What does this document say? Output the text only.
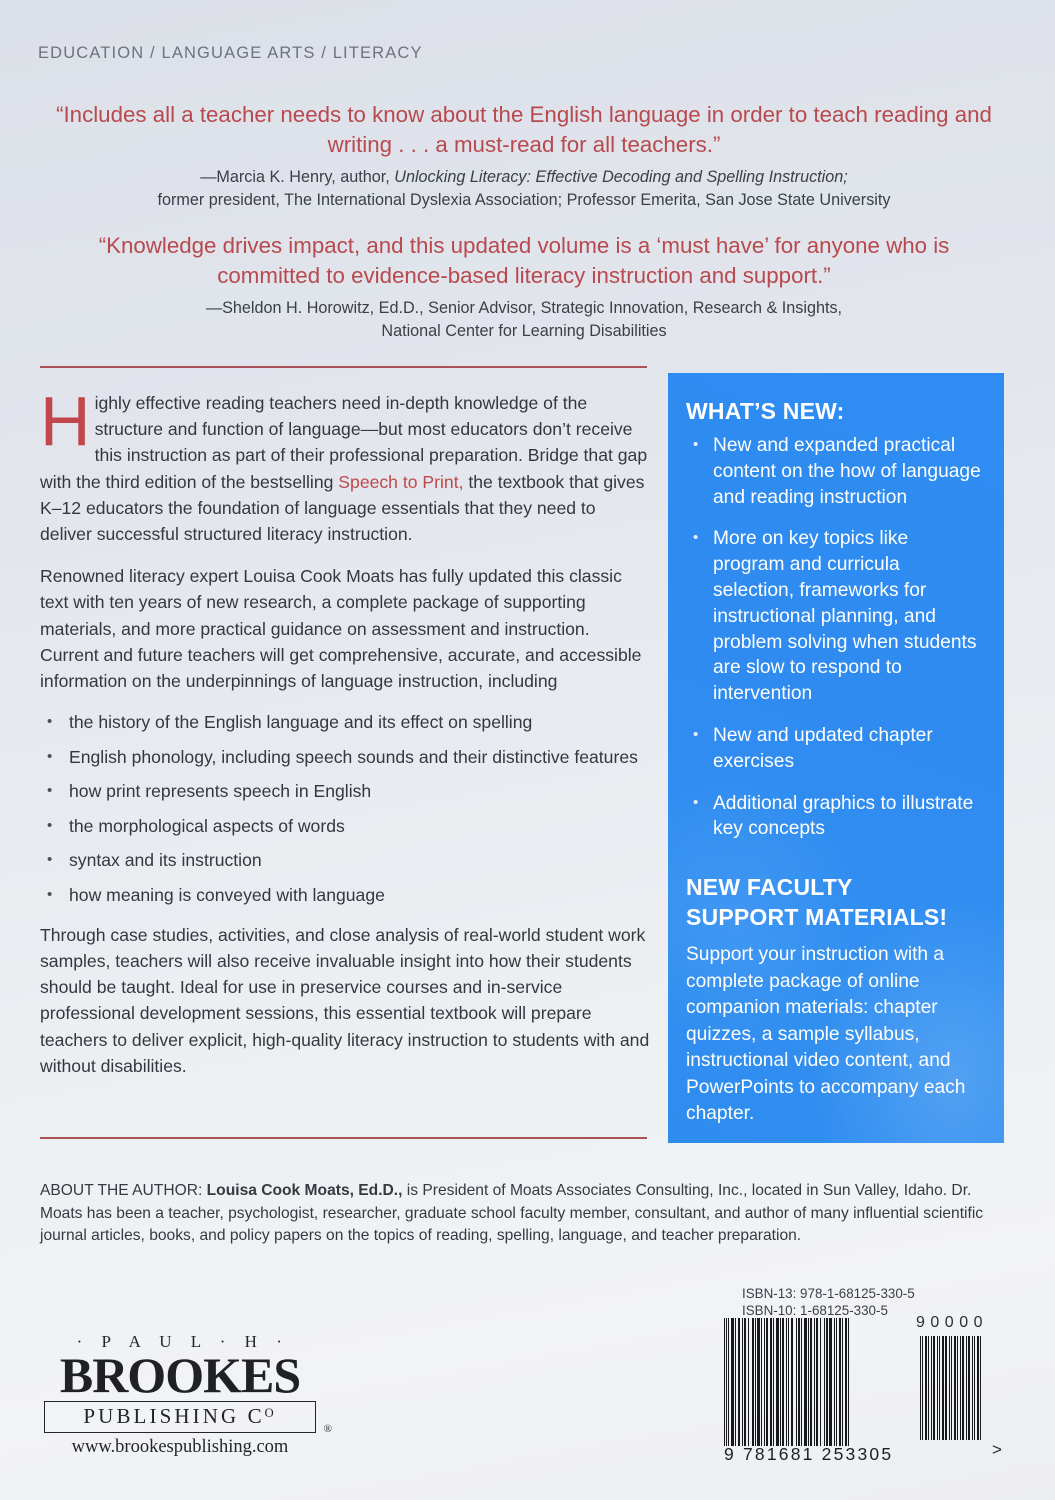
EDUCATION / LANGUAGE ARTS / LITERACY
“Includes all a teacher needs to know about the English language in order to teach reading and writing . . . a must-read for all teachers.”
—Marcia K. Henry, author, Unlocking Literacy: Effective Decoding and Spelling Instruction;
former president, The International Dyslexia Association; Professor Emerita, San Jose State University
“Knowledge drives impact, and this updated volume is a ‘must have’ for anyone who is committed to evidence-based literacy instruction and support.”
—Sheldon H. Horowitz, Ed.D., Senior Advisor, Strategic Innovation, Research & Insights,
National Center for Learning Disabilities

Highly effective reading teachers need in-depth knowledge of the structure and function of language—but most educators don’t receive this instruction as part of their professional preparation. Bridge that gap with the third edition of the bestselling Speech to Print, the textbook that gives K–12 educators the foundation of language essentials that they need to deliver successful structured literacy instruction.

Renowned literacy expert Louisa Cook Moats has fully updated this classic text with ten years of new research, a complete package of supporting materials, and more practical guidance on assessment and instruction. Current and future teachers will get comprehensive, accurate, and accessible information on the underpinnings of language instruction, including

• the history of the English language and its effect on spelling
• English phonology, including speech sounds and their distinctive features
• how print represents speech in English
• the morphological aspects of words
• syntax and its instruction
• how meaning is conveyed with language

Through case studies, activities, and close analysis of real-world student work samples, teachers will also receive invaluable insight into how their students should be taught. Ideal for use in preservice courses and in-service professional development sessions, this essential textbook will prepare teachers to deliver explicit, high-quality literacy instruction to students with and without disabilities.

WHAT’S NEW:
• New and expanded practical content on the how of language and reading instruction
• More on key topics like program and curricula selection, frameworks for instructional planning, and problem solving when students are slow to respond to intervention
• New and updated chapter exercises
• Additional graphics to illustrate key concepts
NEW FACULTY
SUPPORT MATERIALS!

Support your instruction with a complete package of online companion materials: chapter quizzes, a sample syllabus, instructional video content, and PowerPoints to accompany each chapter.

ABOUT THE AUTHOR: Louisa Cook Moats, Ed.D., is President of Moats Associates Consulting, Inc., located in Sun Valley, Idaho. Dr. Moats has been a teacher, psychologist, researcher, graduate school faculty member, consultant, and author of many influential scientific journal articles, books, and policy papers on the topics of reading, spelling, language, and teacher preparation.
· P A U L · H ·
BROOKES
PUBLISHING Cᴼ
®
www.brookespublishing.com
ISBN-13: 978-1-68125-330-5
ISBN-10: 1-68125-330-5
9 781681 253305
90000
>
